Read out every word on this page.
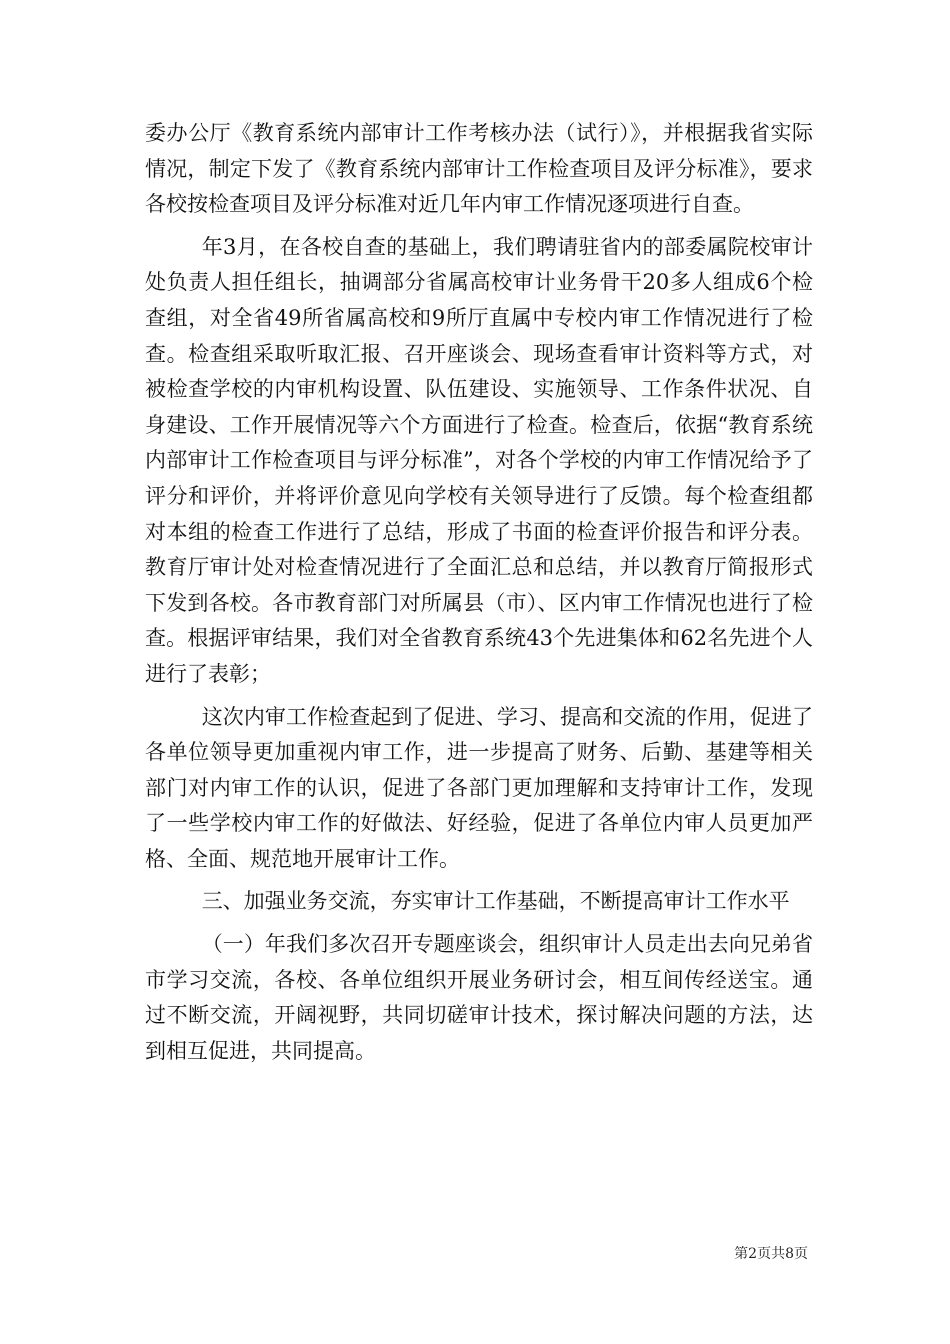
委办公厅《教育系统内部审计工作考核办法（试行）》，并根据我省实际情况，制定下发了《教育系统内部审计工作检查项目及评分标准》，要求各校按检查项目及评分标准对近几年内审工作情况逐项进行自查。

年3月，在各校自查的基础上，我们聘请驻省内的部委属院校审计处负责人担任组长，抽调部分省属高校审计业务骨干20多人组成6个检查组，对全省49所省属高校和9所厅直属中专校内审工作情况进行了检查。检查组采取听取汇报、召开座谈会、现场查看审计资料等方式，对被检查学校的内审机构设置、队伍建设、实施领导、工作条件状况、自身建设、工作开展情况等六个方面进行了检查。检查后，依据“教育系统内部审计工作检查项目与评分标准”，对各个学校的内审工作情况给予了评分和评价，并将评价意见向学校有关领导进行了反馈。每个检查组都对本组的检查工作进行了总结，形成了书面的检查评价报告和评分表。教育厅审计处对检查情况进行了全面汇总和总结，并以教育厅简报形式下发到各校。各市教育部门对所属县（市）、区内审工作情况也进行了检查。根据评审结果，我们对全省教育系统43个先进集体和62名先进个人进行了表彰；

这次内审工作检查起到了促进、学习、提高和交流的作用，促进了各单位领导更加重视内审工作，进一步提高了财务、后勤、基建等相关部门对内审工作的认识，促进了各部门更加理解和支持审计工作，发现了一些学校内审工作的好做法、好经验，促进了各单位内审人员更加严格、全面、规范地开展审计工作。

三、加强业务交流，夯实审计工作基础，不断提高审计工作水平

（一）年我们多次召开专题座谈会，组织审计人员走出去向兄弟省市学习交流，各校、各单位组织开展业务研讨会，相互间传经送宝。通过不断交流，开阔视野，共同切磋审计技术，探讨解决问题的方法，达到相互促进，共同提高。

第2页共8页
